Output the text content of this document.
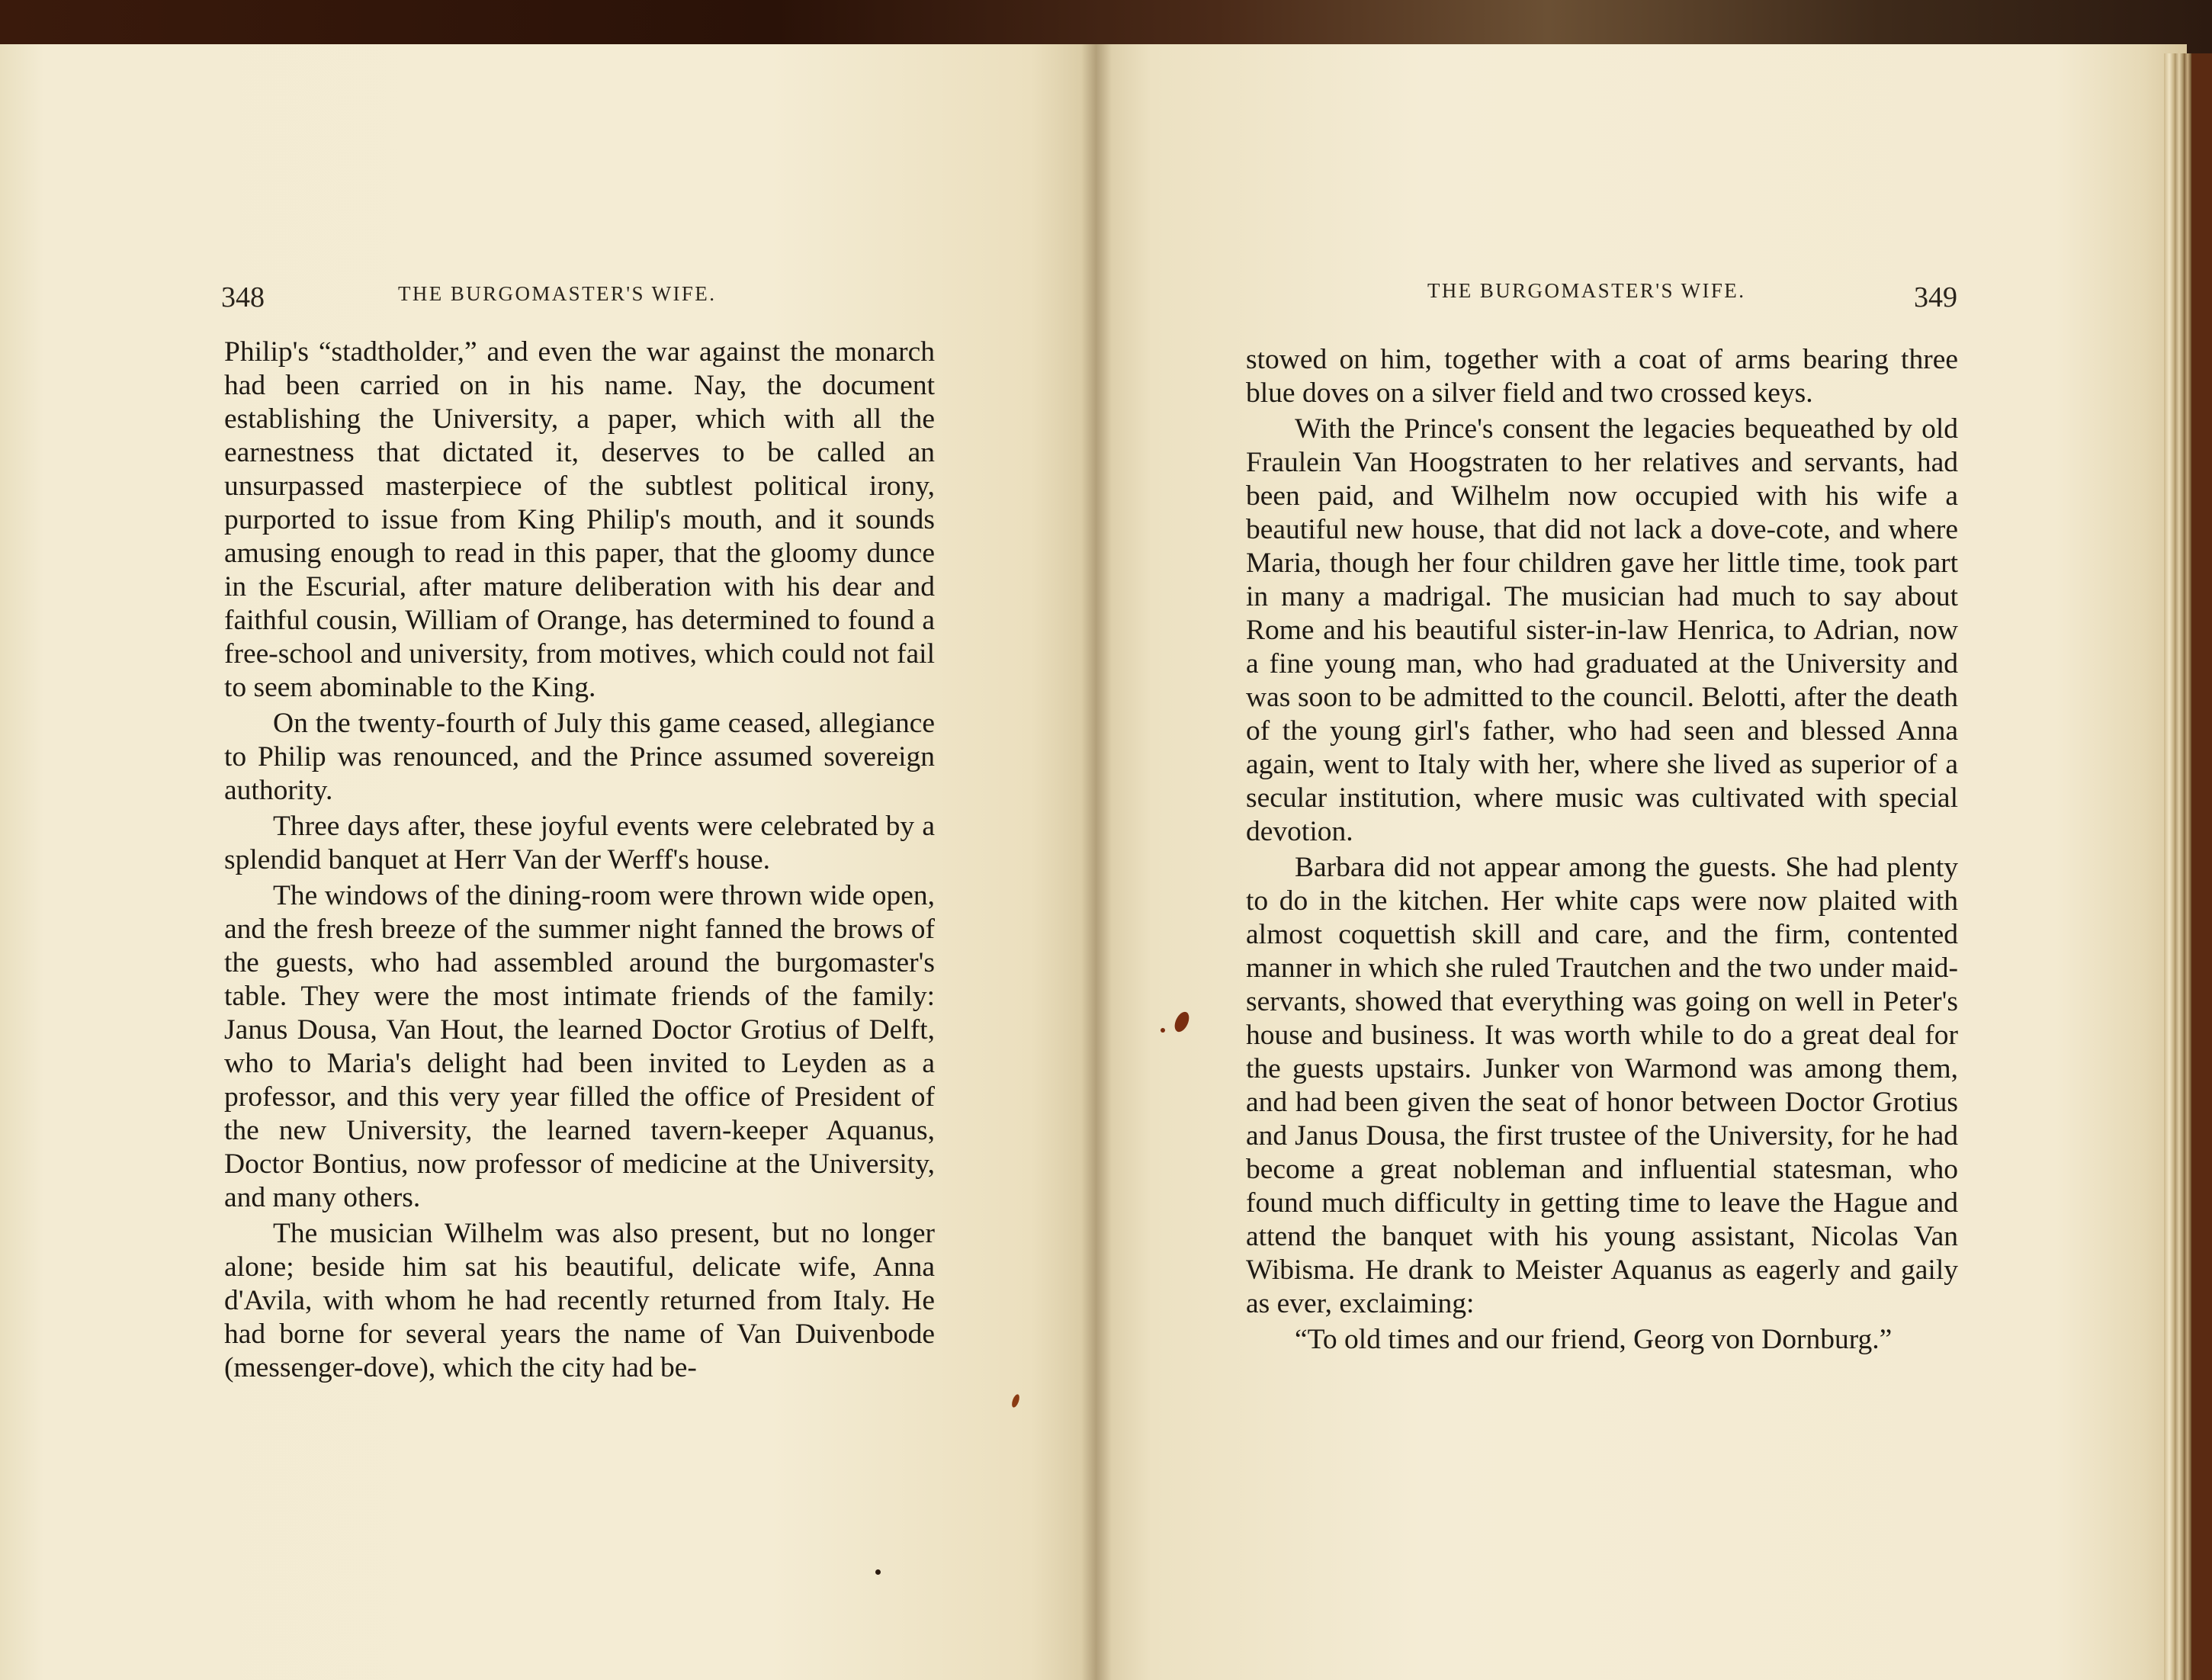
348	THE BURGOMASTER'S WIFE.

Philip's “stadtholder,” and even the war against the monarch had been carried on in his name. Nay, the document establishing the University, a paper, which with all the earnestness that dictated it, deserves to be called an unsurpassed masterpiece of the subtlest political irony, purported to issue from King Philip's mouth, and it sounds amusing enough to read in this paper, that the gloomy dunce in the Escurial, after mature deliberation with his dear and faithful cousin, William of Orange, has determined to found a free-school and university, from motives, which could not fail to seem abominable to the King.

On the twenty-fourth of July this game ceased, allegiance to Philip was renounced, and the Prince assumed sovereign authority.

Three days after, these joyful events were celebrated by a splendid banquet at Herr Van der Werff's house.

The windows of the dining-room were thrown wide open, and the fresh breeze of the summer night fanned the brows of the guests, who had assembled around the burgomaster's table. They were the most intimate friends of the family: Janus Dousa, Van Hout, the learned Doctor Grotius of Delft, who to Maria's delight had been invited to Leyden as a professor, and this very year filled the office of President of the new University, the learned tavern-keeper Aquanus, Doctor Bontius, now professor of medicine at the University, and many others.

The musician Wilhelm was also present, but no longer alone; beside him sat his beautiful, delicate wife, Anna d'Avila, with whom he had recently returned from Italy. He had borne for several years the name of Van Duivenbode (messenger-dove), which the city had be-

THE BURGOMASTER'S WIFE.	349

stowed on him, together with a coat of arms bearing three blue doves on a silver field and two crossed keys.

With the Prince's consent the legacies bequeathed by old Fraulein Van Hoogstraten to her relatives and servants, had been paid, and Wilhelm now occupied with his wife a beautiful new house, that did not lack a dove-cote, and where Maria, though her four children gave her little time, took part in many a madrigal. The musician had much to say about Rome and his beautiful sister-in-law Henrica, to Adrian, now a fine young man, who had graduated at the University and was soon to be admitted to the council. Belotti, after the death of the young girl's father, who had seen and blessed Anna again, went to Italy with her, where she lived as superior of a secular institution, where music was cultivated with special devotion.

Barbara did not appear among the guests. She had plenty to do in the kitchen. Her white caps were now plaited with almost coquettish skill and care, and the firm, contented manner in which she ruled Trautchen and the two under maid-servants, showed that everything was going on well in Peter's house and business. It was worth while to do a great deal for the guests upstairs. Junker von Warmond was among them, and had been given the seat of honor between Doctor Grotius and Janus Dousa, the first trustee of the University, for he had become a great nobleman and influential statesman, who found much difficulty in getting time to leave the Hague and attend the banquet with his young assistant, Nicolas Van Wibisma. He drank to Meister Aquanus as eagerly and gaily as ever, exclaiming:

“To old times and our friend, Georg von Dornburg.”
